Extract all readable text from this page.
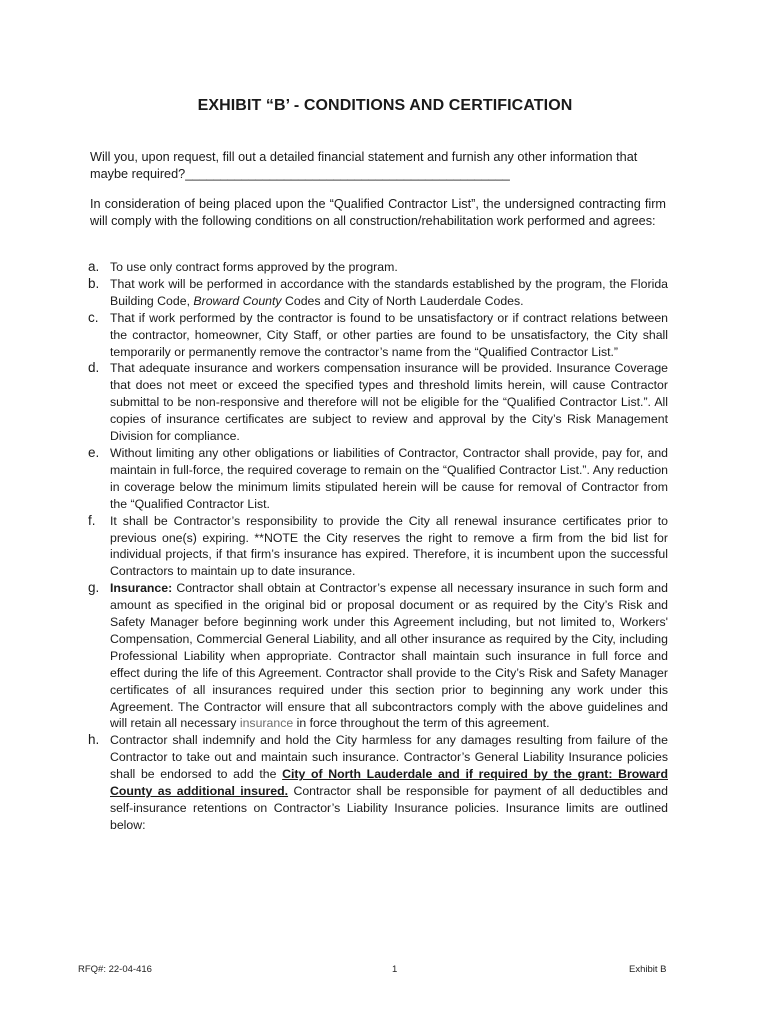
EXHIBIT “B’ - CONDITIONS AND CERTIFICATION
Will you, upon request, fill out a detailed financial statement and furnish any other information that maybe required?______________________________________________
In consideration of being placed upon the “Qualified Contractor List”, the undersigned contracting firm will comply with the following conditions on all construction/rehabilitation work performed and agrees:
a. To use only contract forms approved by the program.
b. That work will be performed in accordance with the standards established by the program, the Florida Building Code, Broward County Codes and City of North Lauderdale Codes.
c. That if work performed by the contractor is found to be unsatisfactory or if contract relations between the contractor, homeowner, City Staff, or other parties are found to be unsatisfactory, the City shall temporarily or permanently remove the contractor’s name from the “Qualified Contractor List.”
d. That adequate insurance and workers compensation insurance will be provided. Insurance Coverage that does not meet or exceed the specified types and threshold limits herein, will cause Contractor submittal to be non-responsive and therefore will not be eligible for the “Qualified Contractor List.”. All copies of insurance certificates are subject to review and approval by the City’s Risk Management Division for compliance.
e. Without limiting any other obligations or liabilities of Contractor, Contractor shall provide, pay for, and maintain in full-force, the required coverage to remain on the “Qualified Contractor List.”. Any reduction in coverage below the minimum limits stipulated herein will be cause for removal of Contractor from the “Qualified Contractor List.
f.	It shall be Contractor’s responsibility to provide the City all renewal insurance certificates prior to previous one(s) expiring. **NOTE the City reserves the right to remove a firm from the bid list for individual projects, if that firm’s insurance has expired. Therefore, it is incumbent upon the successful Contractors to maintain up to date insurance.
g. Insurance: Contractor shall obtain at Contractor’s expense all necessary insurance in such form and amount as specified in the original bid or proposal document or as required by the City’s Risk and Safety Manager before beginning work under this Agreement including, but not limited to, Workers' Compensation, Commercial General Liability, and all other insurance as required by the City, including Professional Liability when appropriate. Contractor shall maintain such insurance in full force and effect during the life of this Agreement. Contractor shall provide to the City’s Risk and Safety Manager certificates of all insurances required under this section prior to beginning any work under this Agreement. The Contractor will ensure that all subcontractors comply with the above guidelines and will retain all necessary insurance in force throughout the term of this agreement.
h. Contractor shall indemnify and hold the City harmless for any damages resulting from failure of the Contractor to take out and maintain such insurance. Contractor’s General Liability Insurance policies shall be endorsed to add the City of North Lauderdale and if required by the grant: Broward County as additional insured. Contractor shall be responsible for payment of all deductibles and self-insurance retentions on Contractor’s Liability Insurance policies. Insurance limits are outlined below:
RFQ#: 22-04-416	1	Exhibit B
